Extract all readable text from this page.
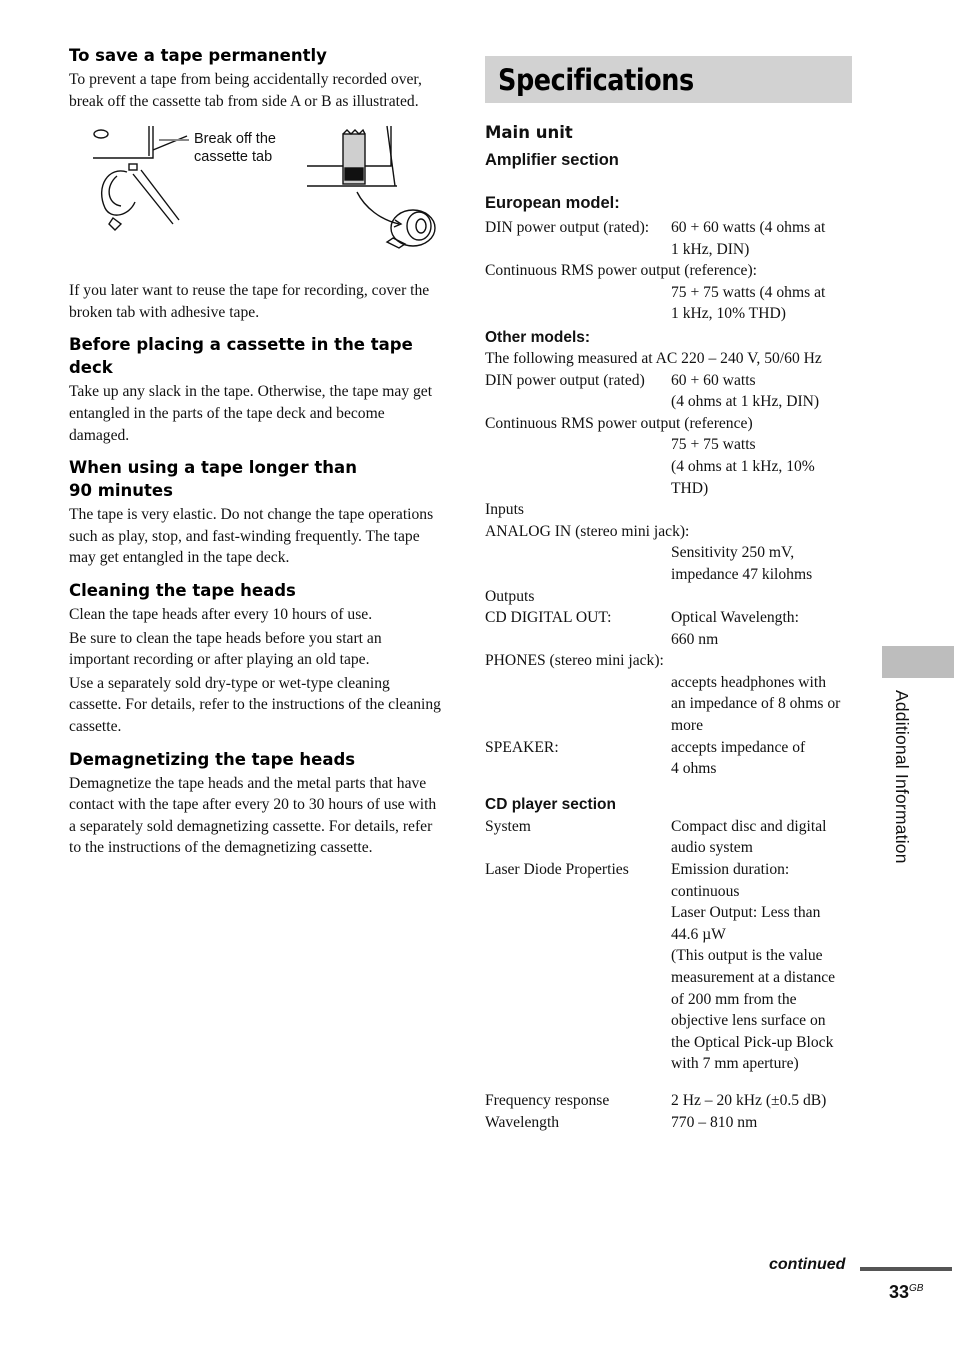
To save a tape permanently

To prevent a tape from being accidentally recorded over, break off the cassette tab from side A or B as illustrated.

Break off the
cassette tab

If you later want to reuse the tape for recording, cover the broken tab with adhesive tape.

Before placing a cassette in the tape deck

Take up any slack in the tape. Otherwise, the tape may get entangled in the parts of the tape deck and become damaged.

When using a tape longer than
90 minutes

The tape is very elastic. Do not change the tape operations such as play, stop, and fast-winding frequently. The tape may get entangled in the tape deck.

Cleaning the tape heads

Clean the tape heads after every 10 hours of use.

Be sure to clean the tape heads before you start an important recording or after playing an old tape.

Use a separately sold dry-type or wet-type cleaning cassette. For details, refer to the instructions of the cleaning cassette.

Demagnetizing the tape heads

Demagnetize the tape heads and the metal parts that have contact with the tape after every 20 to 30 hours of use with a separately sold demagnetizing cassette. For details, refer to the instructions of the demagnetizing cassette.

Specifications
Main unit
Amplifier section
European model:
DIN power output (rated):	60 + 60 watts (4 ohms at
1 kHz, DIN)
Continuous RMS power output (reference):
75 + 75 watts (4 ohms at
1 kHz, 10% THD)
Other models:
The following measured at AC 220 – 240 V, 50/60 Hz
DIN power output (rated)	60 + 60 watts
(4 ohms at 1 kHz, DIN)
Continuous RMS power output (reference)
75 + 75 watts
(4 ohms at 1 kHz, 10%
THD)
Inputs
ANALOG IN (stereo mini jack):
Sensitivity 250 mV,
impedance 47 kilohms
Outputs
CD DIGITAL OUT:	Optical Wavelength:
660 nm
PHONES (stereo mini jack):
accepts headphones with
an impedance of 8 ohms or
more
SPEAKER:	accepts impedance of
4 ohms
CD player section
System	Compact disc and digital
audio system
Laser Diode Properties	Emission duration:
continuous
Laser Output: Less than
44.6 µW
(This output is the value
measurement at a distance
of 200 mm from the
objective lens surface on
the Optical Pick-up Block
with 7 mm aperture)
Frequency response	2 Hz – 20 kHz (±0.5 dB)
Wavelength	770 – 810 nm
Additional Information
continued
$33^{GB}$
